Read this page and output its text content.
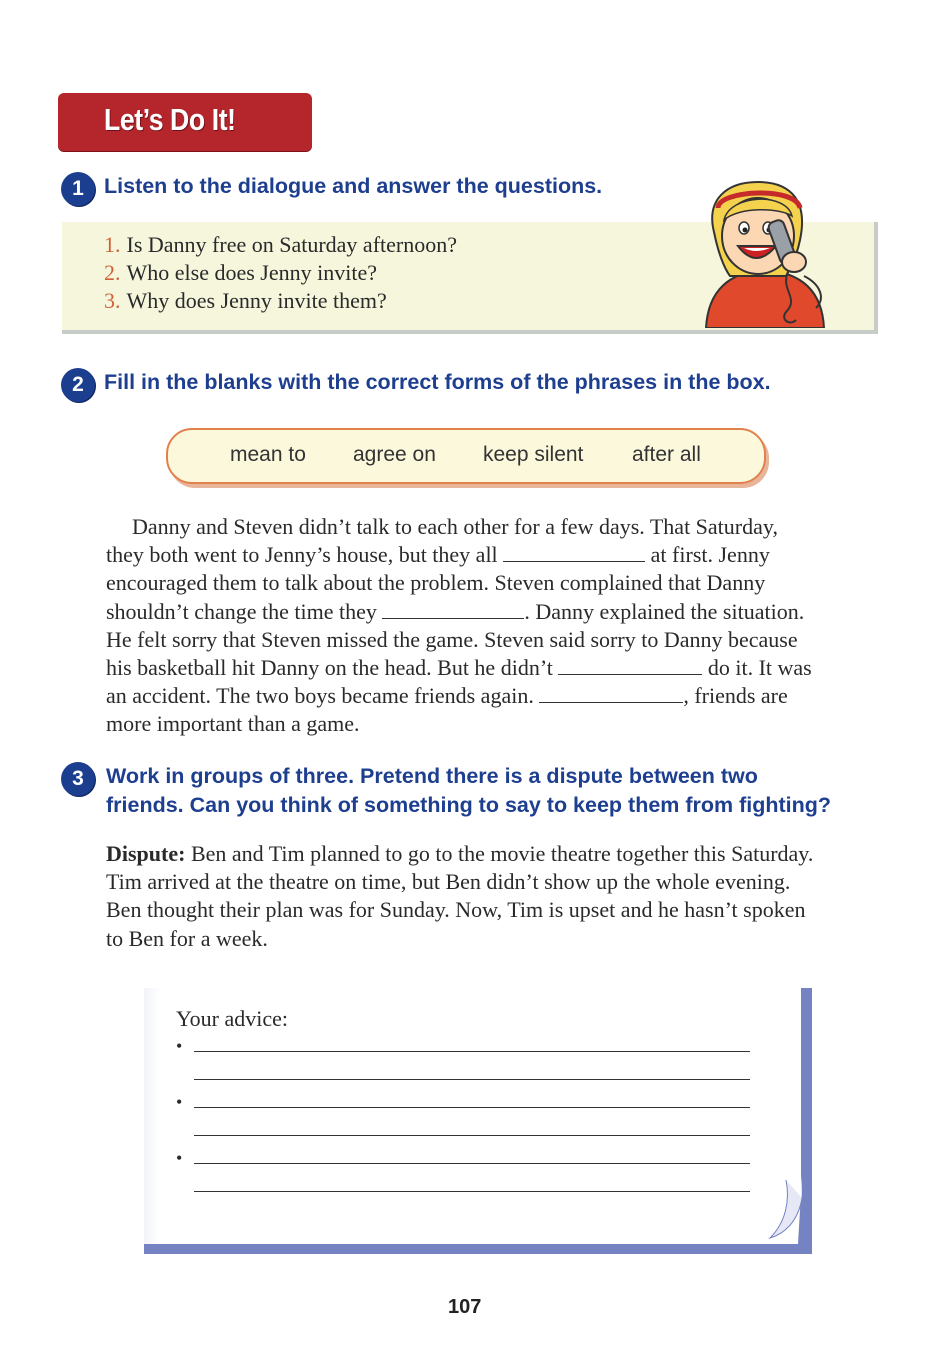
Let’s Do It!
1 Listen to the dialogue and answer the questions.
1. Is Danny free on Saturday afternoon?
2. Who else does Jenny invite?
3. Why does Jenny invite them?
2 Fill in the blanks with the correct forms of the phrases in the box.
mean to agree on keep silent after all
Danny and Steven didn’t talk to each other for a few days. That Saturday,
they both went to Jenny’s house, but they all	at first. Jenny
encouraged them to talk about the problem. Steven complained that Danny
shouldn’t change the time they	. Danny explained the situation.
He felt sorry that Steven missed the game. Steven said sorry to Danny because
his basketball hit Danny on the head. But he didn’t	do it. It was
an accident. The two boys became friends again.	, friends are
more important than a game.
3	Work in groups of three. Pretend there is a dispute between two
friends. Can you think of something to say to keep them from fighting?
Dispute: Ben and Tim planned to go to the movie theatre together this Saturday.
Tim arrived at the theatre on time, but Ben didn’t show up the whole evening.
Ben thought their plan was for Sunday. Now, Tim is upset and he hasn’t spoken
to Ben for a week.
Your advice:
•
•
•
107
